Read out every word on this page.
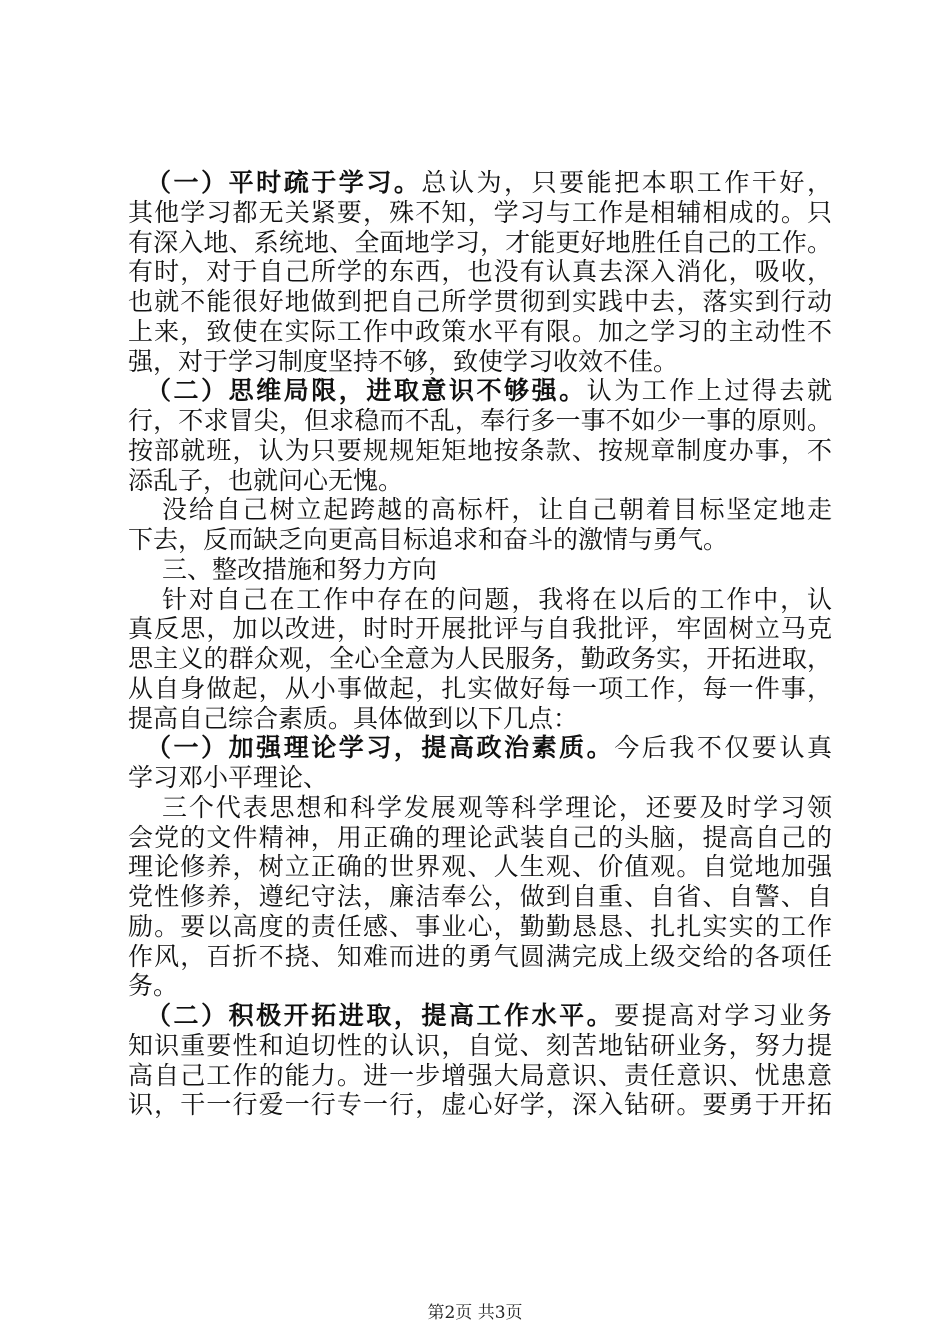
（一）平时疏于学习。总认为，只要能把本职工作干好，
其他学习都无关紧要，殊不知，学习与工作是相辅相成的。只
有深入地、系统地、全面地学习，才能更好地胜任自己的工作。
有时，对于自己所学的东西，也没有认真去深入消化，吸收，
也就不能很好地做到把自己所学贯彻到实践中去，落实到行动
上来，致使在实际工作中政策水平有限。加之学习的主动性不
强，对于学习制度坚持不够，致使学习收效不佳。
（二）思维局限，进取意识不够强。认为工作上过得去就
行，不求冒尖，但求稳而不乱，奉行多一事不如少一事的原则。
按部就班，认为只要规规矩矩地按条款、按规章制度办事，不
添乱子，也就问心无愧。
没给自己树立起跨越的高标杆，让自己朝着目标坚定地走
下去，反而缺乏向更高目标追求和奋斗的激情与勇气。
三、整改措施和努力方向
针对自己在工作中存在的问题，我将在以后的工作中，认
真反思，加以改进，时时开展批评与自我批评，牢固树立马克
思主义的群众观，全心全意为人民服务，勤政务实，开拓进取，
从自身做起，从小事做起，扎实做好每一项工作，每一件事，
提高自己综合素质。具体做到以下几点：
（一）加强理论学习，提高政治素质。今后我不仅要认真
学习邓小平理论、
三个代表思想和科学发展观等科学理论，还要及时学习领
会党的文件精神，用正确的理论武装自己的头脑，提高自己的
理论修养，树立正确的世界观、人生观、价值观。自觉地加强
党性修养，遵纪守法，廉洁奉公，做到自重、自省、自警、自
励。要以高度的责任感、事业心，勤勤恳恳、扎扎实实的工作
作风，百折不挠、知难而进的勇气圆满完成上级交给的各项任
务。
（二）积极开拓进取，提高工作水平。要提高对学习业务
知识重要性和迫切性的认识，自觉、刻苦地钻研业务，努力提
高自己工作的能力。进一步增强大局意识、责任意识、忧患意
识，干一行爱一行专一行，虚心好学，深入钻研。要勇于开拓
第2页 共3页
